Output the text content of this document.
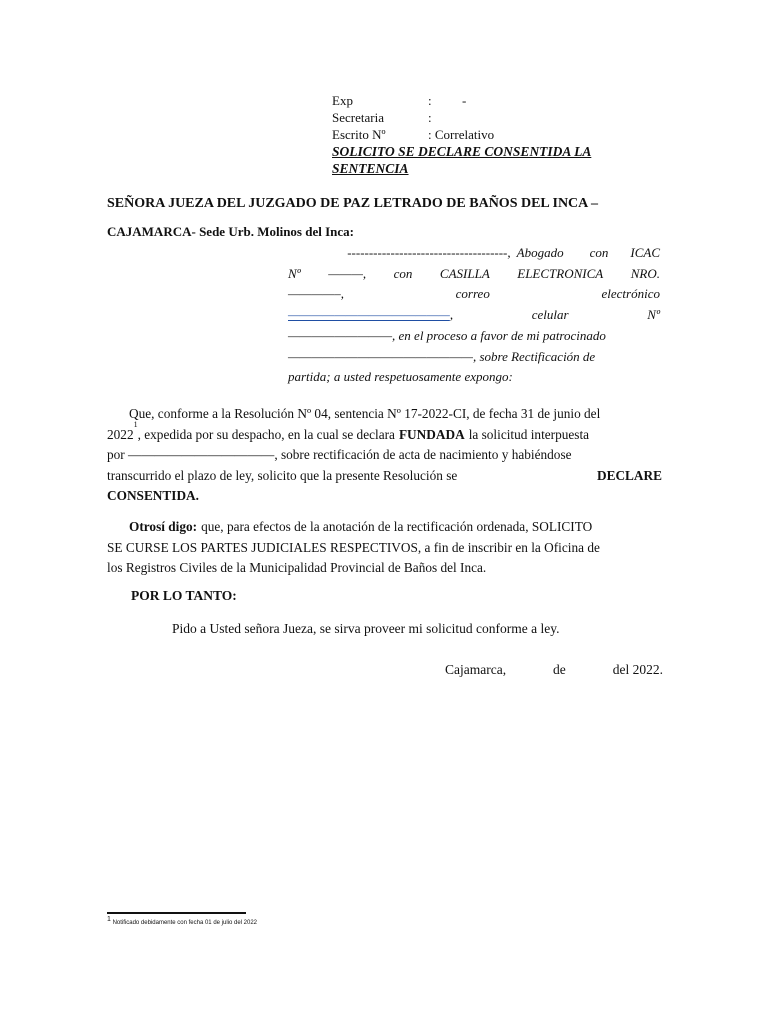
Exp	:	-
Secretaria	:
Escrito Nº	: Correlativo
SOLICITO SE DECLARE CONSENTIDA LA SENTENCIA
SEÑORA JUEZA DEL JUZGADO DE PAZ LETRADO DE BAÑOS DEL INCA –
CAJAMARCA- Sede Urb. Molinos del Inca:
-------------------------------------, Abogado con ICAC
Nº ———, con CASILLA ELECTRONICA NRO.
————–,	correo	electrónico
——————————————,	celular	Nº
—————————, en el proceso a favor de mi patrocinado
————————————————, sobre Rectificación de
partida; a usted respetuosamente expongo:
Que, conforme a la Resolución Nº 04, sentencia Nº 17-2022-CI, de fecha 31 de junio del
2022
1
, expedida por su despacho, en la cual se declara FUNDADA la solicitud interpuesta
por ———————————, sobre rectificación de acta de nacimiento y habiéndose
transcurrido el plazo de ley, solicito que la presente Resolución se	DECLARE
CONSENTIDA.
Otrosí digo: que, para efectos de la anotación de la rectificación ordenada, SOLICITO
SE CURSE LOS PARTES JUDICIALES RESPECTIVOS, a fin de inscribir en la Oficina de
los Registros Civiles de la Municipalidad Provincial de Baños del Inca.
POR LO TANTO:
Pido a Usted señora Jueza, se sirva proveer mi solicitud conforme a ley.
Cajamarca,	de	del 2022.
$^1$ Notificado debidamente con fecha 01 de julio del 2022
